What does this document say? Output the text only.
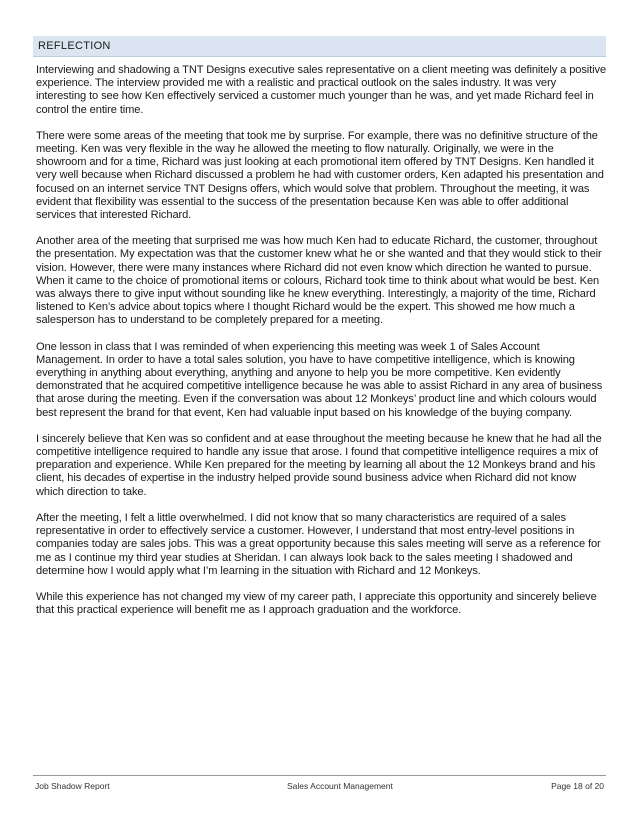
REFLECTION

Interviewing and shadowing a TNT Designs executive sales representative on a client meeting was definitely a positive experience. The interview provided me with a realistic and practical outlook on the sales industry. It was very interesting to see how Ken effectively serviced a customer much younger than he was, and yet made Richard feel in control the entire time.

There were some areas of the meeting that took me by surprise. For example, there was no definitive structure of the meeting. Ken was very flexible in the way he allowed the meeting to flow naturally. Originally, we were in the showroom and for a time, Richard was just looking at each promotional item offered by TNT Designs. Ken handled it very well because when Richard discussed a problem he had with customer orders, Ken adapted his presentation and focused on an internet service TNT Designs offers, which would solve that problem. Throughout the meeting, it was evident that flexibility was essential to the success of the presentation because Ken was able to offer additional services that interested Richard.

Another area of the meeting that surprised me was how much Ken had to educate Richard, the customer, throughout the presentation. My expectation was that the customer knew what he or she wanted and that they would stick to their vision. However, there were many instances where Richard did not even know which direction he wanted to pursue. When it came to the choice of promotional items or colours, Richard took time to think about what would be best. Ken was always there to give input without sounding like he knew everything. Interestingly, a majority of the time, Richard listened to Ken’s advice about topics where I thought Richard would be the expert. This showed me how much a salesperson has to understand to be completely prepared for a meeting.

One lesson in class that I was reminded of when experiencing this meeting was week 1 of Sales Account Management. In order to have a total sales solution, you have to have competitive intelligence, which is knowing everything in anything about everything, anything and anyone to help you be more competitive. Ken evidently demonstrated that he acquired competitive intelligence because he was able to assist Richard in any area of business that arose during the meeting. Even if the conversation was about 12 Monkeys’ product line and which colours would best represent the brand for that event, Ken had valuable input based on his knowledge of the buying company.

I sincerely believe that Ken was so confident and at ease throughout the meeting because he knew that he had all the competitive intelligence required to handle any issue that arose. I found that competitive intelligence requires a mix of preparation and experience. While Ken prepared for the meeting by learning all about the 12 Monkeys brand and his client, his decades of expertise in the industry helped provide sound business advice when Richard did not know which direction to take.

After the meeting, I felt a little overwhelmed. I did not know that so many characteristics are required of a sales representative in order to effectively service a customer. However, I understand that most entry-level positions in companies today are sales jobs. This was a great opportunity because this sales meeting will serve as a reference for me as I continue my third year studies at Sheridan. I can always look back to the sales meeting I shadowed and determine how I would apply what I’m learning in the situation with Richard and 12 Monkeys.

While this experience has not changed my view of my career path, I appreciate this opportunity and sincerely believe that this practical experience will benefit me as I approach graduation and the workforce.

Job Shadow Report	Sales Account Management	Page 18 of 20
